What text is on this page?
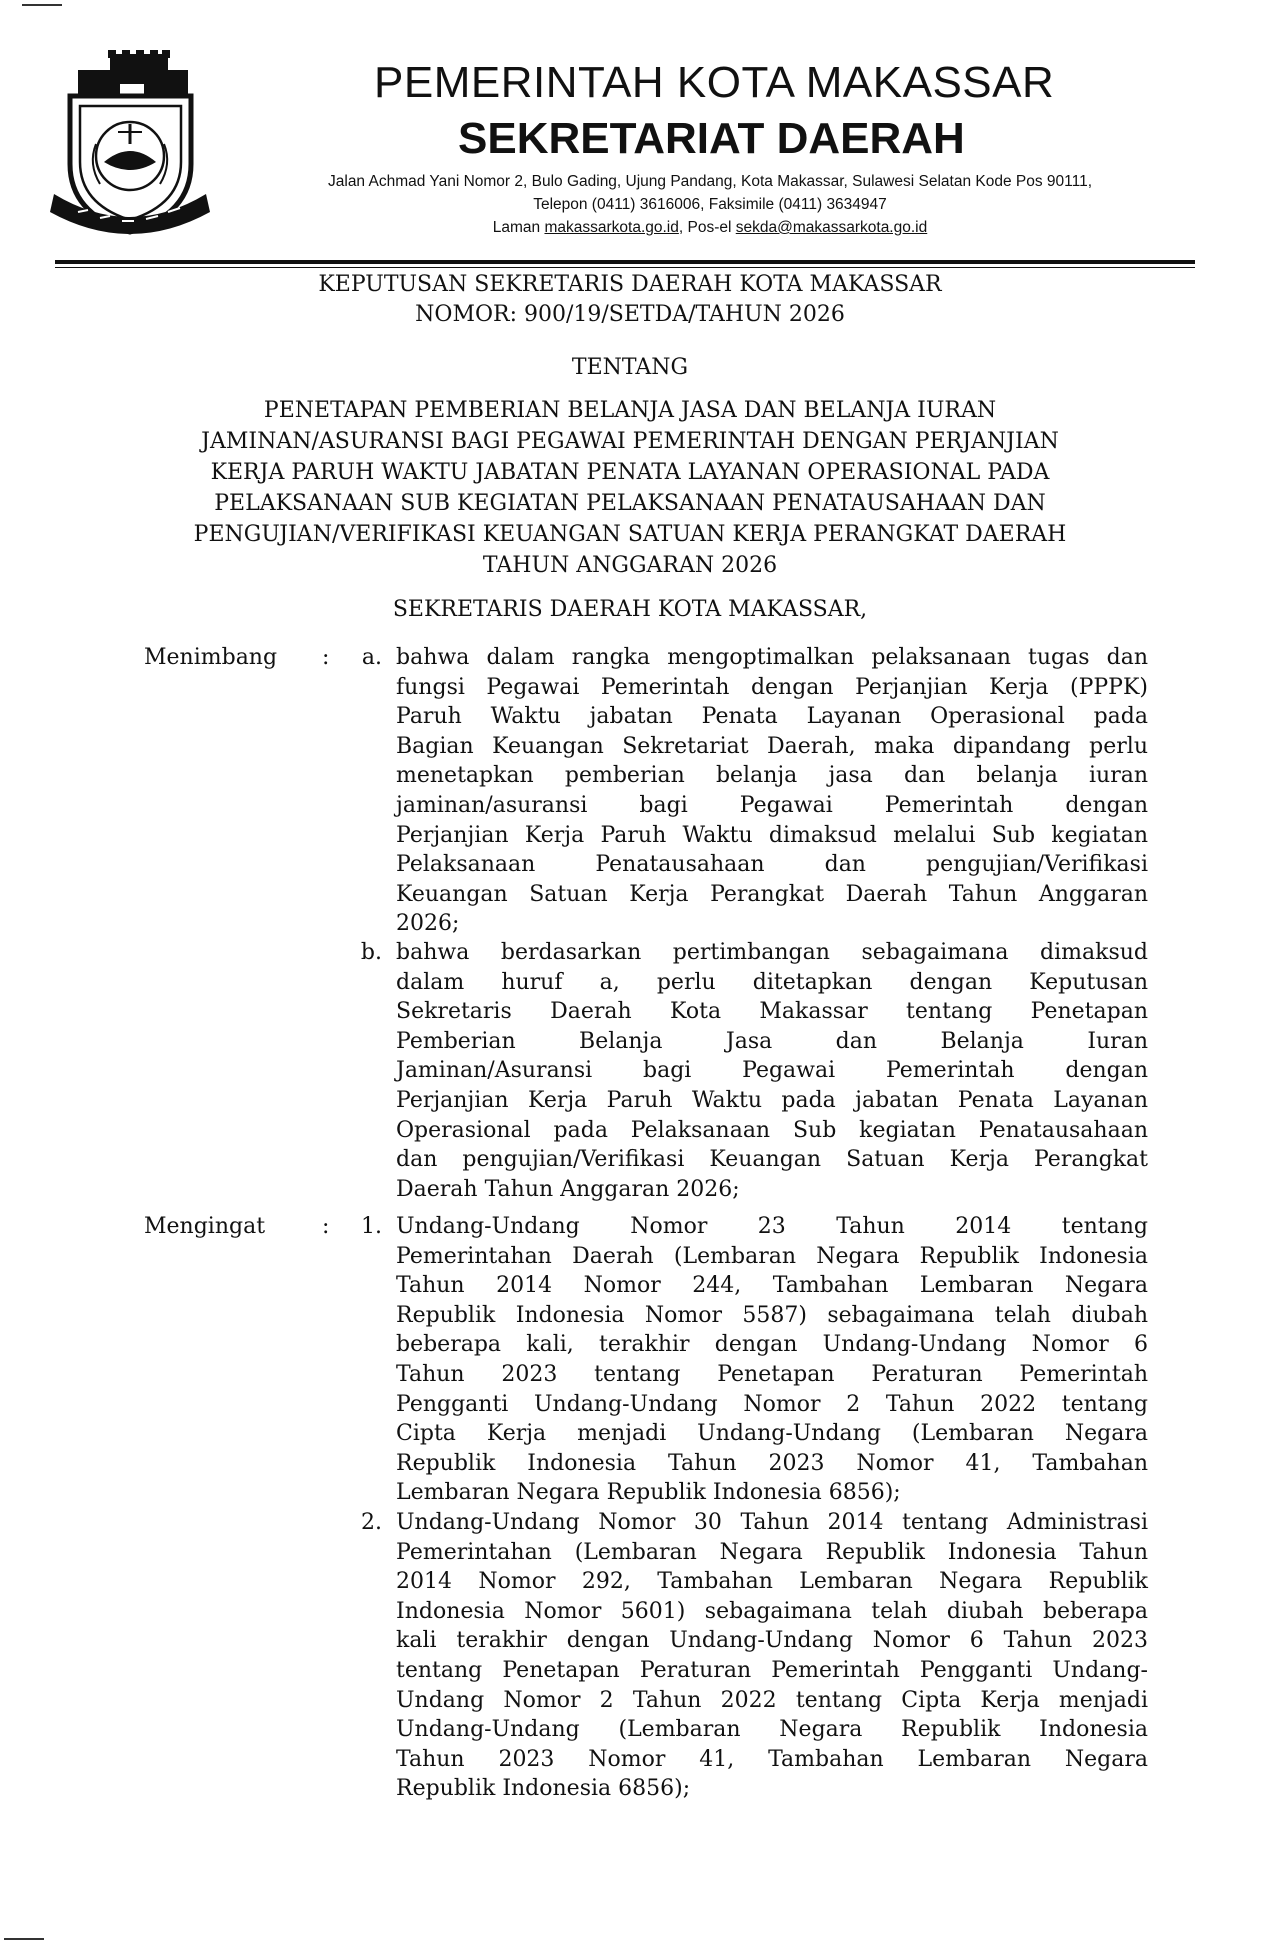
PEMERINTAH KOTA MAKASSAR
SEKRETARIAT DAERAH
Jalan Achmad Yani Nomor 2, Bulo Gading, Ujung Pandang, Kota Makassar, Sulawesi Selatan Kode Pos 90111,
Telepon (0411) 3616006, Faksimile (0411) 3634947
Laman makassarkota.go.id, Pos-el sekda@makassarkota.go.id
KEPUTUSAN SEKRETARIS DAERAH KOTA MAKASSAR
NOMOR: 900/19/SETDA/TAHUN 2026
TENTANG
PENETAPAN PEMBERIAN BELANJA JASA DAN BELANJA IURAN
JAMINAN/ASURANSI BAGI PEGAWAI PEMERINTAH DENGAN PERJANJIAN
KERJA PARUH WAKTU JABATAN PENATA LAYANAN OPERASIONAL PADA
PELAKSANAAN SUB KEGIATAN PELAKSANAAN PENATAUSAHAAN DAN
PENGUJIAN/VERIFIKASI KEUANGAN SATUAN KERJA PERANGKAT DAERAH
TAHUN ANGGARAN 2026
SEKRETARIS DAERAH KOTA MAKASSAR,
Menimbang :	a. bahwa dalam rangka mengoptimalkan pelaksanaan tugas dan
fungsi Pegawai Pemerintah dengan Perjanjian Kerja (PPPK)
Paruh Waktu jabatan Penata Layanan Operasional pada
Bagian Keuangan Sekretariat Daerah, maka dipandang perlu
menetapkan pemberian belanja jasa dan belanja iuran
jaminan/asuransi bagi Pegawai Pemerintah dengan
Perjanjian Kerja Paruh Waktu dimaksud melalui Sub kegiatan
Pelaksanaan Penatausahaan dan pengujian/Verifikasi
Keuangan Satuan Kerja Perangkat Daerah Tahun Anggaran
2026;
b. bahwa berdasarkan pertimbangan sebagaimana dimaksud
dalam huruf a, perlu ditetapkan dengan Keputusan
Sekretaris Daerah Kota Makassar tentang Penetapan
Pemberian Belanja Jasa dan Belanja Iuran
Jaminan/Asuransi bagi Pegawai Pemerintah dengan
Perjanjian Kerja Paruh Waktu pada jabatan Penata Layanan
Operasional pada Pelaksanaan Sub kegiatan Penatausahaan
dan pengujian/Verifikasi Keuangan Satuan Kerja Perangkat
Daerah Tahun Anggaran 2026;
Mengingat	:	1. Undang-Undang Nomor 23 Tahun 2014 tentang
Pemerintahan Daerah (Lembaran Negara Republik Indonesia
Tahun 2014 Nomor 244, Tambahan Lembaran Negara
Republik Indonesia Nomor 5587) sebagaimana telah diubah
beberapa kali, terakhir dengan Undang-Undang Nomor 6
Tahun 2023 tentang Penetapan Peraturan Pemerintah
Pengganti Undang-Undang Nomor 2 Tahun 2022 tentang
Cipta Kerja menjadi Undang-Undang (Lembaran Negara
Republik Indonesia Tahun 2023 Nomor 41, Tambahan
Lembaran Negara Republik Indonesia 6856);
2. Undang-Undang Nomor 30 Tahun 2014 tentang Administrasi
Pemerintahan (Lembaran Negara Republik Indonesia Tahun
2014 Nomor 292, Tambahan Lembaran Negara Republik
Indonesia Nomor 5601) sebagaimana telah diubah beberapa
kali terakhir dengan Undang-Undang Nomor 6 Tahun 2023
tentang Penetapan Peraturan Pemerintah Pengganti Undang-
Undang Nomor 2 Tahun 2022 tentang Cipta Kerja menjadi
Undang-Undang (Lembaran Negara Republik Indonesia
Tahun 2023 Nomor 41, Tambahan Lembaran Negara
Republik Indonesia 6856);
